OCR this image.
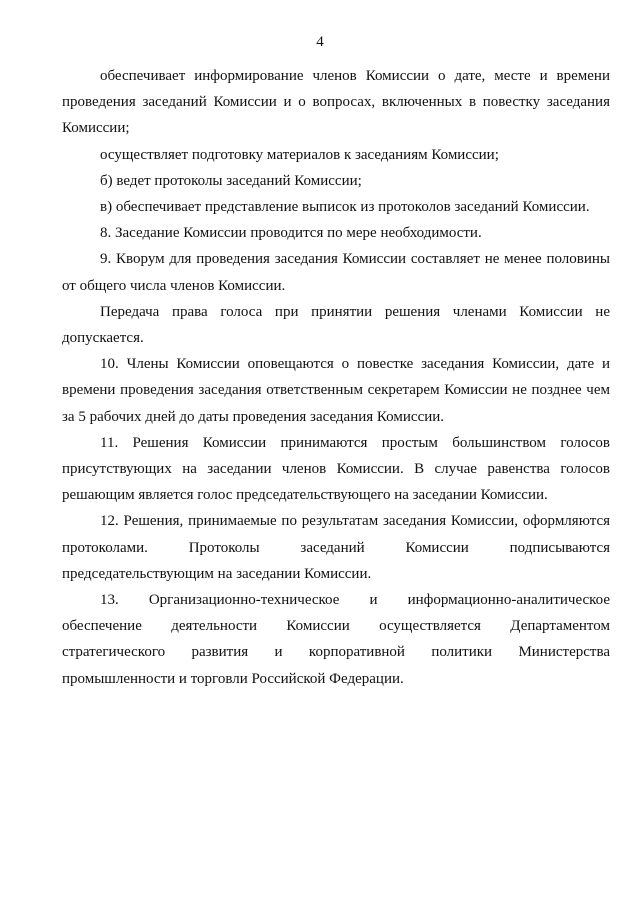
4

обеспечивает информирование членов Комиссии о дате, месте и времени проведения заседаний Комиссии и о вопросах, включенных в повестку заседания Комиссии;

осуществляет подготовку материалов к заседаниям Комиссии;

б) ведет протоколы заседаний Комиссии;

в) обеспечивает представление выписок из протоколов заседаний Комиссии.

8. Заседание Комиссии проводится по мере необходимости.

9. Кворум для проведения заседания Комиссии составляет не менее половины от общего числа членов Комиссии.

Передача права голоса при принятии решения членами Комиссии не допускается.

10. Члены Комиссии оповещаются о повестке заседания Комиссии, дате и времени проведения заседания ответственным секретарем Комиссии не позднее чем за 5 рабочих дней до даты проведения заседания Комиссии.

11. Решения Комиссии принимаются простым большинством голосов присутствующих на заседании членов Комиссии. В случае равенства голосов решающим является голос председательствующего на заседании Комиссии.

12. Решения, принимаемые по результатам заседания Комиссии, оформляются протоколами. Протоколы заседаний Комиссии подписываются председательствующим на заседании Комиссии.

13. Организационно-техническое и информационно-аналитическое обеспечение деятельности Комиссии осуществляется Департаментом стратегического развития и корпоративной политики Министерства промышленности и торговли Российской Федерации.
